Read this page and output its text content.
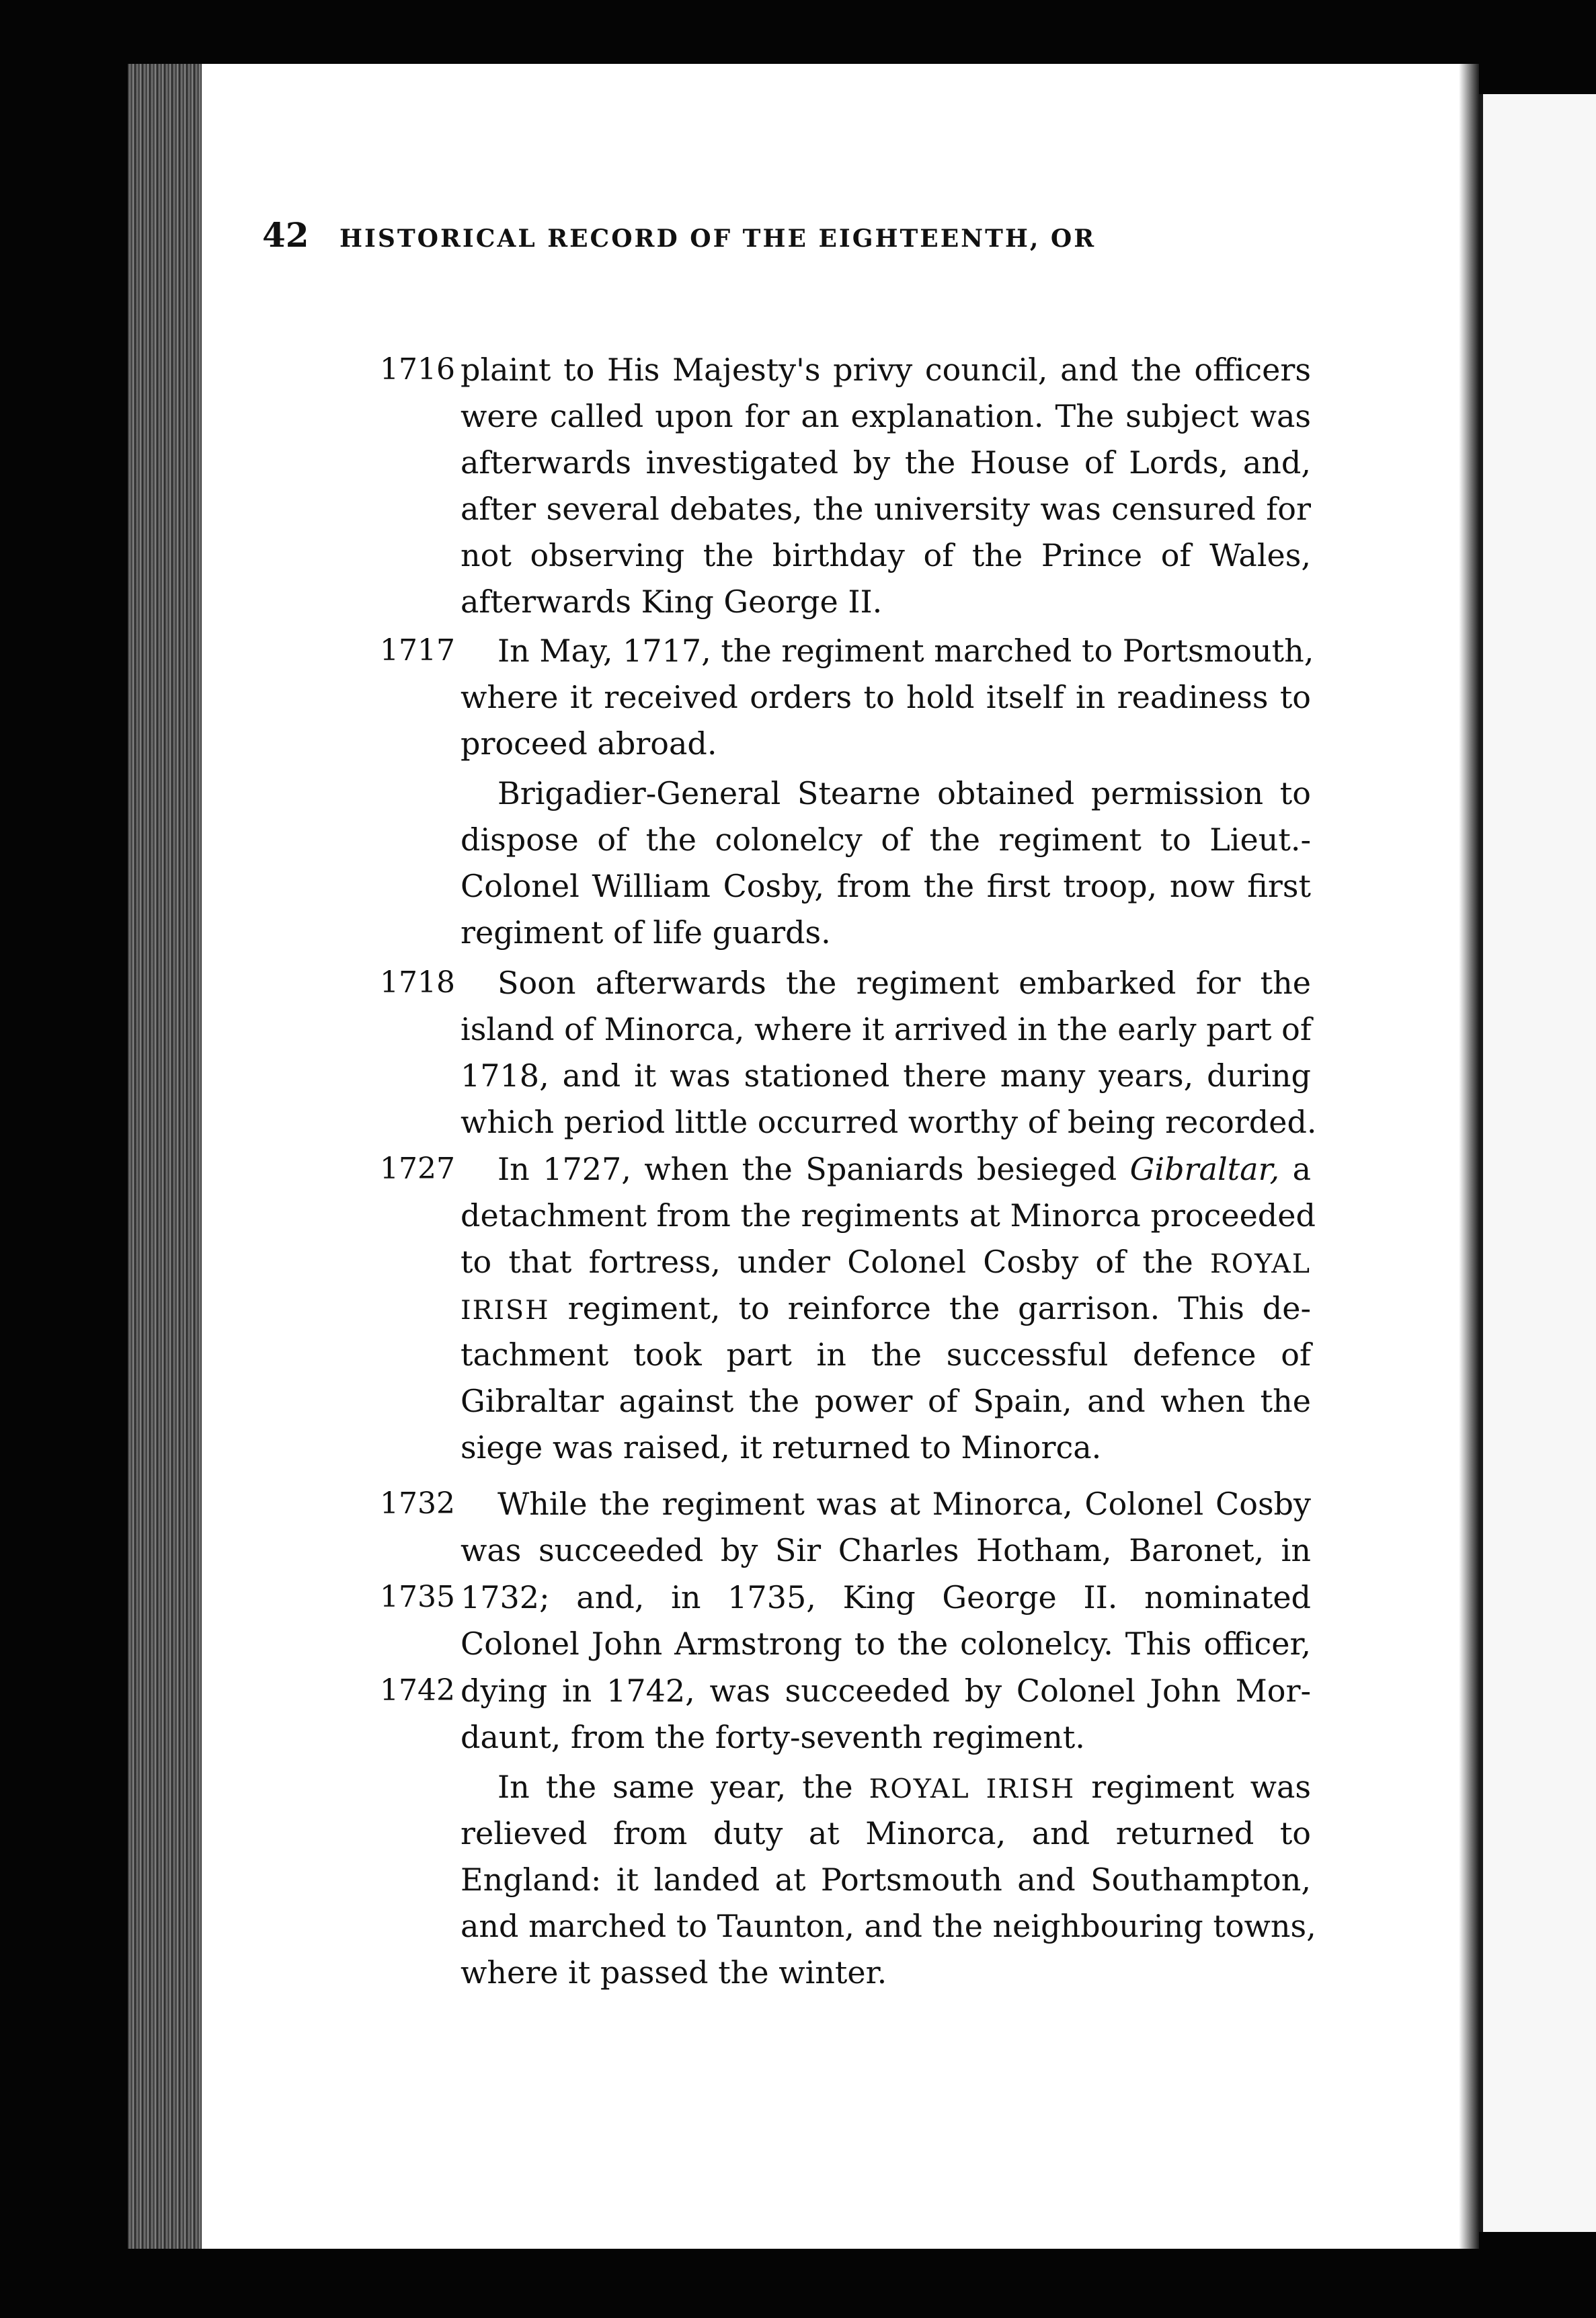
42 HISTORICAL RECORD OF THE EIGHTEENTH, OR
1716
1717
1718
1727
1732
1735
1742
plaint to His Majesty's privy council, and the officers
were called upon for an explanation. The subject was
afterwards investigated by the House of Lords, and,
after several debates, the university was censured for
not observing the birthday of the Prince of Wales,
afterwards King George II.
In May, 1717, the regiment marched to Portsmouth,
where it received orders to hold itself in readiness to
proceed abroad.
Brigadier-General Stearne obtained permission to
dispose of the colonelcy of the regiment to Lieut.-
Colonel William Cosby, from the first troop, now first
regiment of life guards.
Soon afterwards the regiment embarked for the
island of Minorca, where it arrived in the early part of
1718, and it was stationed there many years, during
which period little occurred worthy of being recorded.
In 1727, when the Spaniards besieged Gibraltar, a
detachment from the regiments at Minorca proceeded
to that fortress, under Colonel Cosby of the ROYAL
IRISH regiment, to reinforce the garrison. This de-
tachment took part in the successful defence of
Gibraltar against the power of Spain, and when the
siege was raised, it returned to Minorca.
While the regiment was at Minorca, Colonel Cosby
was succeeded by Sir Charles Hotham, Baronet, in
1732; and, in 1735, King George II. nominated
Colonel John Armstrong to the colonelcy. This officer,
dying in 1742, was succeeded by Colonel John Mor-
daunt, from the forty-seventh regiment.
In the same year, the ROYAL IRISH regiment was
relieved from duty at Minorca, and returned to
England: it landed at Portsmouth and Southampton,
and marched to Taunton, and the neighbouring towns,
where it passed the winter.
